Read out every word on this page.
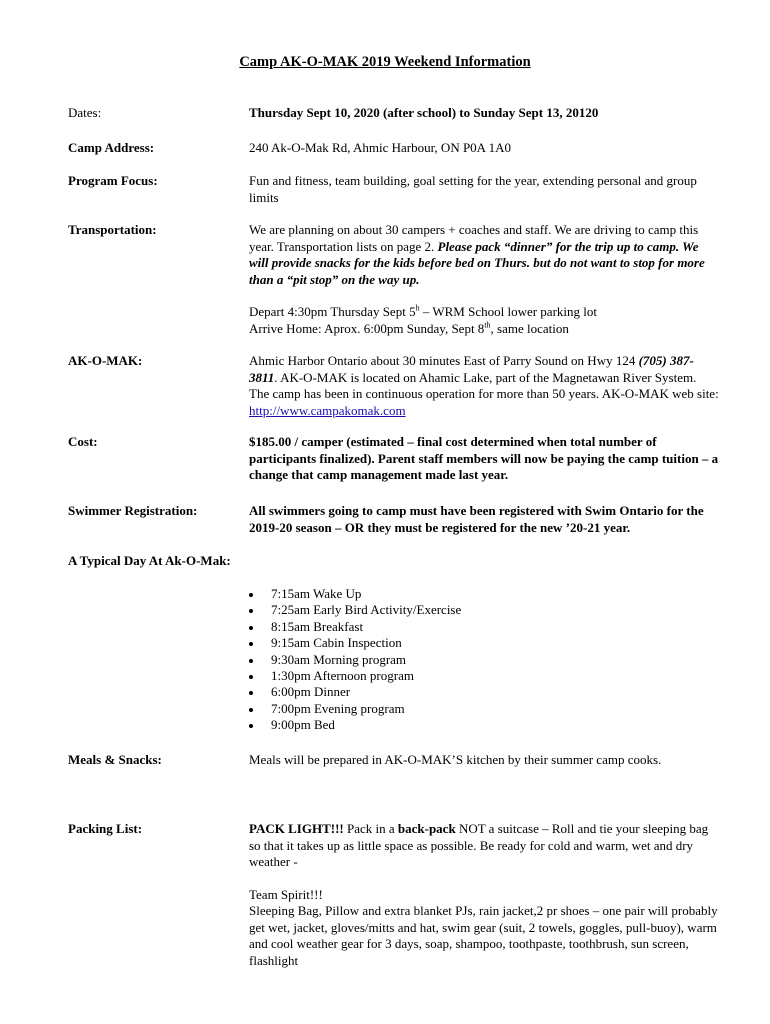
Camp AK-O-MAK 2019 Weekend Information
Dates:	Thursday Sept 10, 2020 (after school) to Sunday Sept 13, 20120
Camp Address:	240 Ak-O-Mak Rd, Ahmic Harbour, ON P0A 1A0
Program Focus:	Fun and fitness, team building, goal setting for the year, extending personal and group limits
Transportation:	We are planning on about 30 campers + coaches and staff. We are driving to camp this year. Transportation lists on page 2. Please pack “dinner” for the trip up to camp. We will provide snacks for the kids before bed on Thurs. but do not want to stop for more than a “pit stop” on the way up.
Depart 4:30pm Thursday Sept 5$^h$ – WRM School lower parking lot
Arrive Home: Aprox. 6:00pm Sunday, Sept 8th, same location
AK-O-MAK:	Ahmic Harbor Ontario about 30 minutes East of Parry Sound on Hwy 124 (705) 387-3811. AK-O-MAK is located on Ahamic Lake, part of the Magnetawan River System. The camp has been in continuous operation for more than 50 years. AK-O-MAK web site: http://www.campakomak.com
Cost:	$185.00 / camper (estimated – final cost determined when total number of participants finalized). Parent staff members will now be paying the camp tuition – a change that camp management made last year.
Swimmer Registration:	All swimmers going to camp must have been registered with Swim Ontario for the 2019-20 season – OR they must be registered for the new ’20-21 year.
A Typical Day At Ak-O-Mak:
7:15am Wake Up
7:25am Early Bird Activity/Exercise
8:15am Breakfast
9:15am Cabin Inspection
9:30am Morning program
1:30pm Afternoon program
6:00pm Dinner
7:00pm Evening program
9:00pm Bed
Meals & Snacks:	Meals will be prepared in AK-O-MAK’S kitchen by their summer camp cooks.
Packing List:	PACK LIGHT!!! Pack in a back-pack NOT a suitcase – Roll and tie your sleeping bag so that it takes up as little space as possible. Be ready for cold and warm, wet and dry weather -
Team Spirit!!!
Sleeping Bag, Pillow and extra blanket PJs, rain jacket,2 pr shoes – one pair will probably get wet, jacket, gloves/mitts and hat, swim gear (suit, 2 towels, goggles, pull-buoy), warm and cool weather gear for 3 days, soap, shampoo, toothpaste, toothbrush, sun screen, flashlight
